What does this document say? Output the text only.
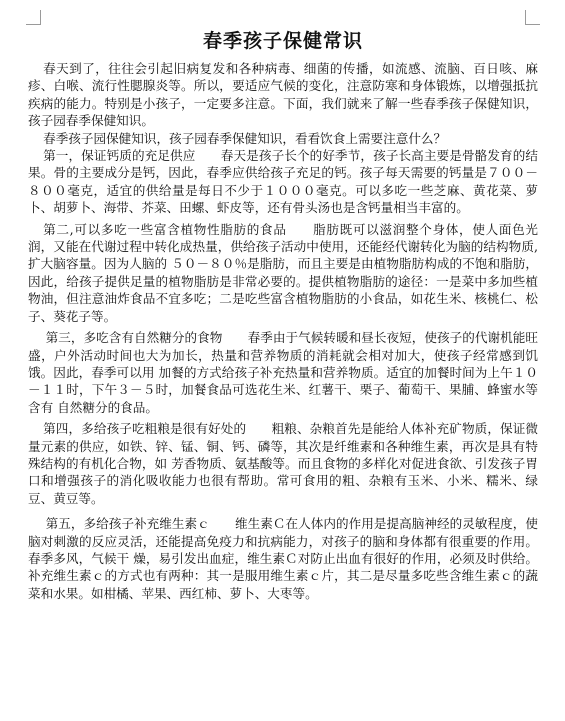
春季孩子保健常识

春天到了，往往会引起旧病复发和各种病毒、细菌的传播，如流感、流脑、百日咳、麻疹、白喉、流行性腮腺炎等。所以，要适应气候的变化，注意防寒和身体锻炼，以增强抵抗疾病的能力。特别是小孩子，一定要多注意。下面，我们就来了解一些春季孩子保健知识，孩子园春季保健知识。

春季孩子园保健知识，孩子园春季保健知识，看看饮食上需要注意什么？

第一，保证钙质的充足供应　　春天是孩子长个的好季节，孩子长高主要是骨骼发育的结果。骨的主要成分是钙，因此，春季应供给孩子充足的钙。孩子每天需要的钙量是７００－８００毫克，适宜的供给量是每日不少于１０００毫克。可以多吃一些芝麻、黄花菜、萝卜、胡萝卜、海带、芥菜、田螺、虾皮等，还有骨头汤也是含钙量相当丰富的。

第二,可以多吃一些富含植物性脂肪的食品　　脂肪既可以滋润整个身体，使人面色光润，又能在代谢过程中转化成热量，供给孩子活动中使用，还能经代谢转化为脑的结构物质,扩大脑容量。因为人脑的 ５０－８０％是脂肪，而且主要是由植物脂肪构成的不饱和脂肪，因此，给孩子提供足量的植物脂肪是非常必要的。提供植物脂肪的途径：一是菜中多加些植物油，但注意油炸食品不宜多吃；二是吃些富含植物脂肪的小食品，如花生米、核桃仁、松子、葵花子等。

第三，多吃含有自然糖分的食物　　春季由于气候转暖和昼长夜短，使孩子的代谢机能旺盛，户外活动时间也大为加长，热量和营养物质的消耗就会相对加大，使孩子经常感到饥饿。因此，春季可以用 加餐的方式给孩子补充热量和营养物质。适宜的加餐时间为上午１０－１１时，下午３－５时，加餐食品可选花生米、红薯干、栗子、葡萄干、果脯、蜂蜜水等含有 自然糖分的食品。

第四，多给孩子吃粗粮是很有好处的　　粗粮、杂粮首先是能给人体补充矿物质，保证微量元素的供应，如铁、锌、锰、铜、钙、磷等，其次是纤维素和各种维生素，再次是具有特殊结构的有机化合物，如 芳香物质、氨基酸等。而且食物的多样化对促进食欲、引发孩子胃口和增强孩子的消化吸收能力也很有帮助。常可食用的粗、杂粮有玉米、小米、糯米、绿豆、黄豆等。

第五，多给孩子补充维生素ｃ　　维生素Ｃ在人体内的作用是提高脑神经的灵敏程度，使脑对刺激的反应灵活，还能提高免疫力和抗病能力，对孩子的脑和身体都有很重要的作用。春季多风，气候干 燥，易引发出血症，维生素Ｃ对防止出血有很好的作用，必须及时供给。补充维生素ｃ的方式也有两种：其一是服用维生素ｃ片，其二是尽量多吃些含维生素ｃ的蔬 菜和水果。如柑橘、苹果、西红柿、萝卜、大枣等。
